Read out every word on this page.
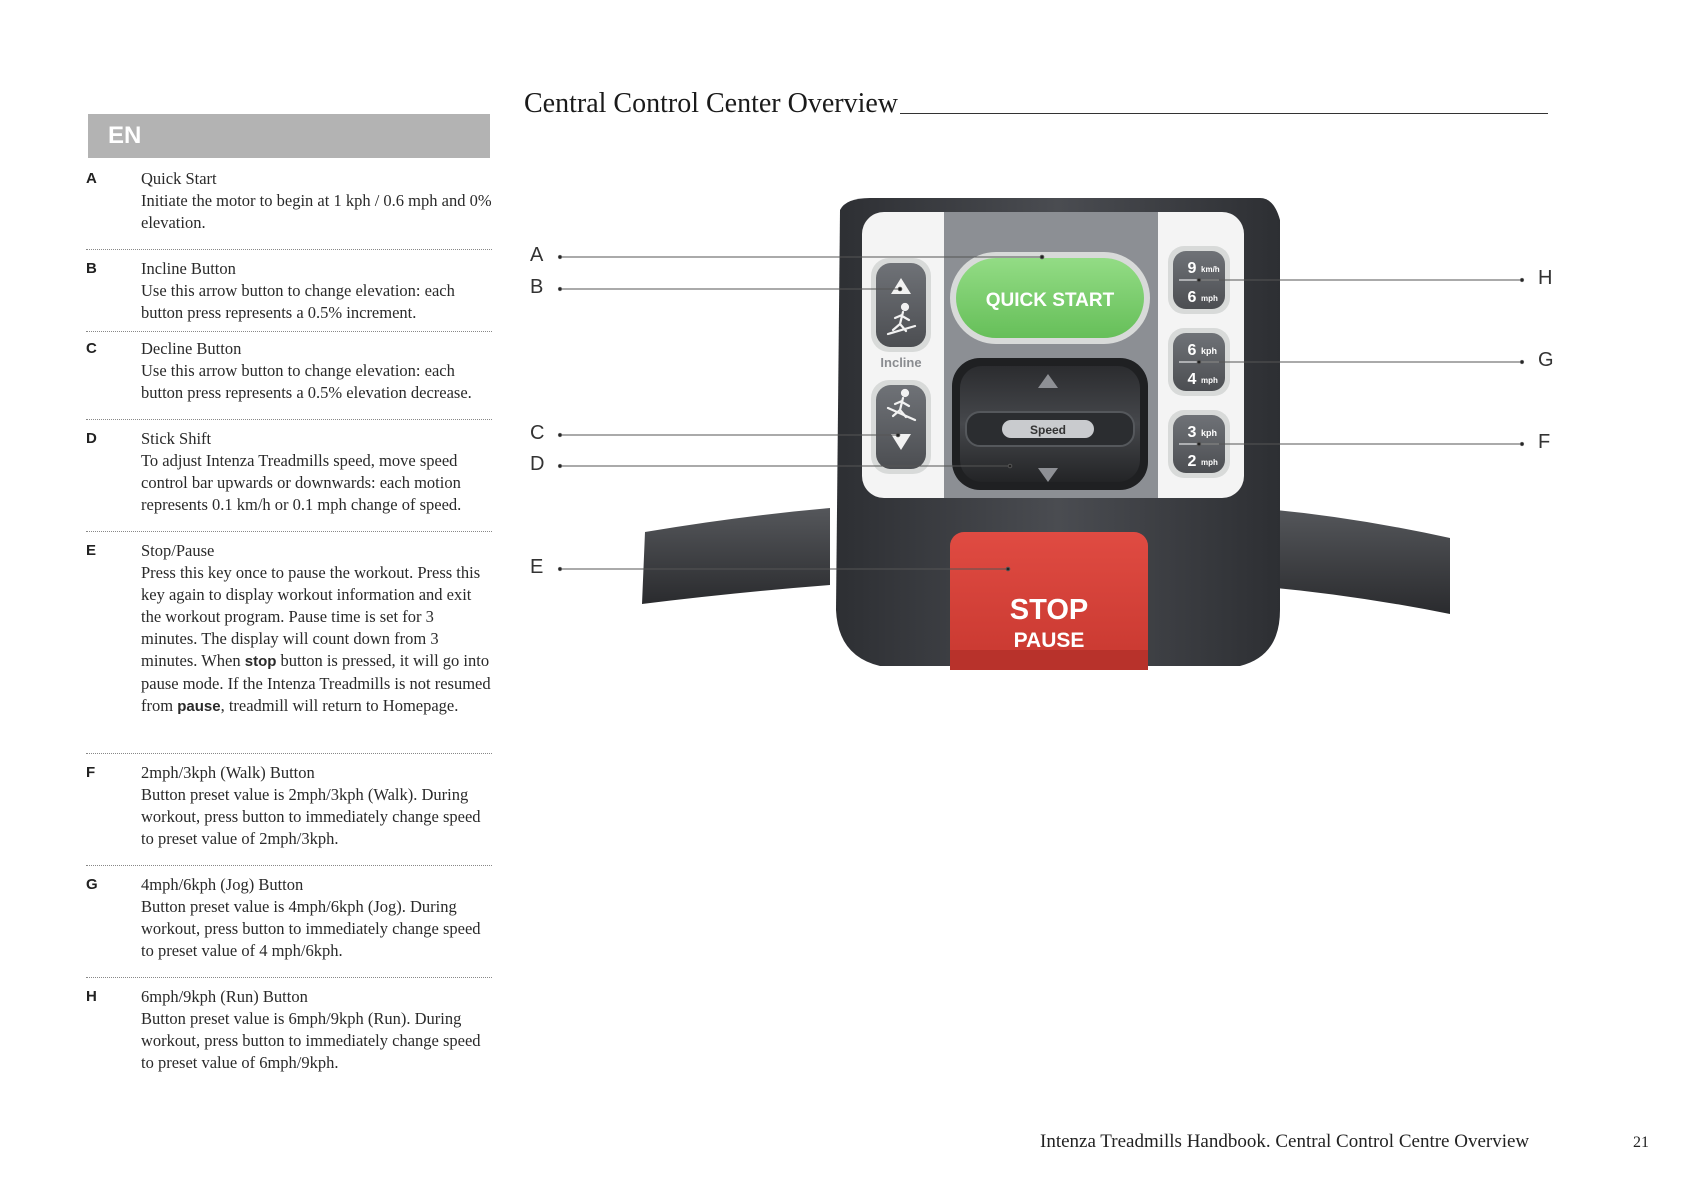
EN
A	Quick Start
Initiate the motor to begin at 1 kph / 0.6 mph and 0% elevation.
B	Incline Button
Use this arrow button to change elevation: each button press represents a 0.5% increment.
C	Decline Button
Use this arrow button to change elevation: each button press represents a 0.5% elevation decrease.
D	Stick Shift
To adjust Intenza Treadmills speed, move speed control bar upwards or downwards: each motion represents 0.1 km/h or 0.1 mph change of speed.
E	Stop/Pause
Press this key once to pause the workout. Press this key again to display workout information and exit the workout program. Pause time is set for 3 minutes. The display will count down from 3 minutes. When stop button is pressed, it will go into pause mode. If the Intenza Treadmills is not resumed from pause, treadmill will return to Homepage.
F	2mph/3kph (Walk) Button
Button preset value is 2mph/3kph (Walk). During workout, press button to immediately change speed to preset value of 2mph/3kph.
G	4mph/6kph (Jog) Button
Button preset value is 4mph/6kph (Jog). During workout, press button to immediately change speed to preset value of 4 mph/6kph.
H	6mph/9kph (Run) Button
Button preset value is 6mph/9kph (Run). During workout, press button to immediately change speed to preset value of 6mph/9kph.
Central Control Center Overview
QUICK START
Incline
Speed
STOP
PAUSE
9 km/h
6 mph
6 kph
4 mph
3 kph
2 mph
A
B
C
D
E
H
G
F
Intenza Treadmills Handbook. Central Control Centre Overview	21
